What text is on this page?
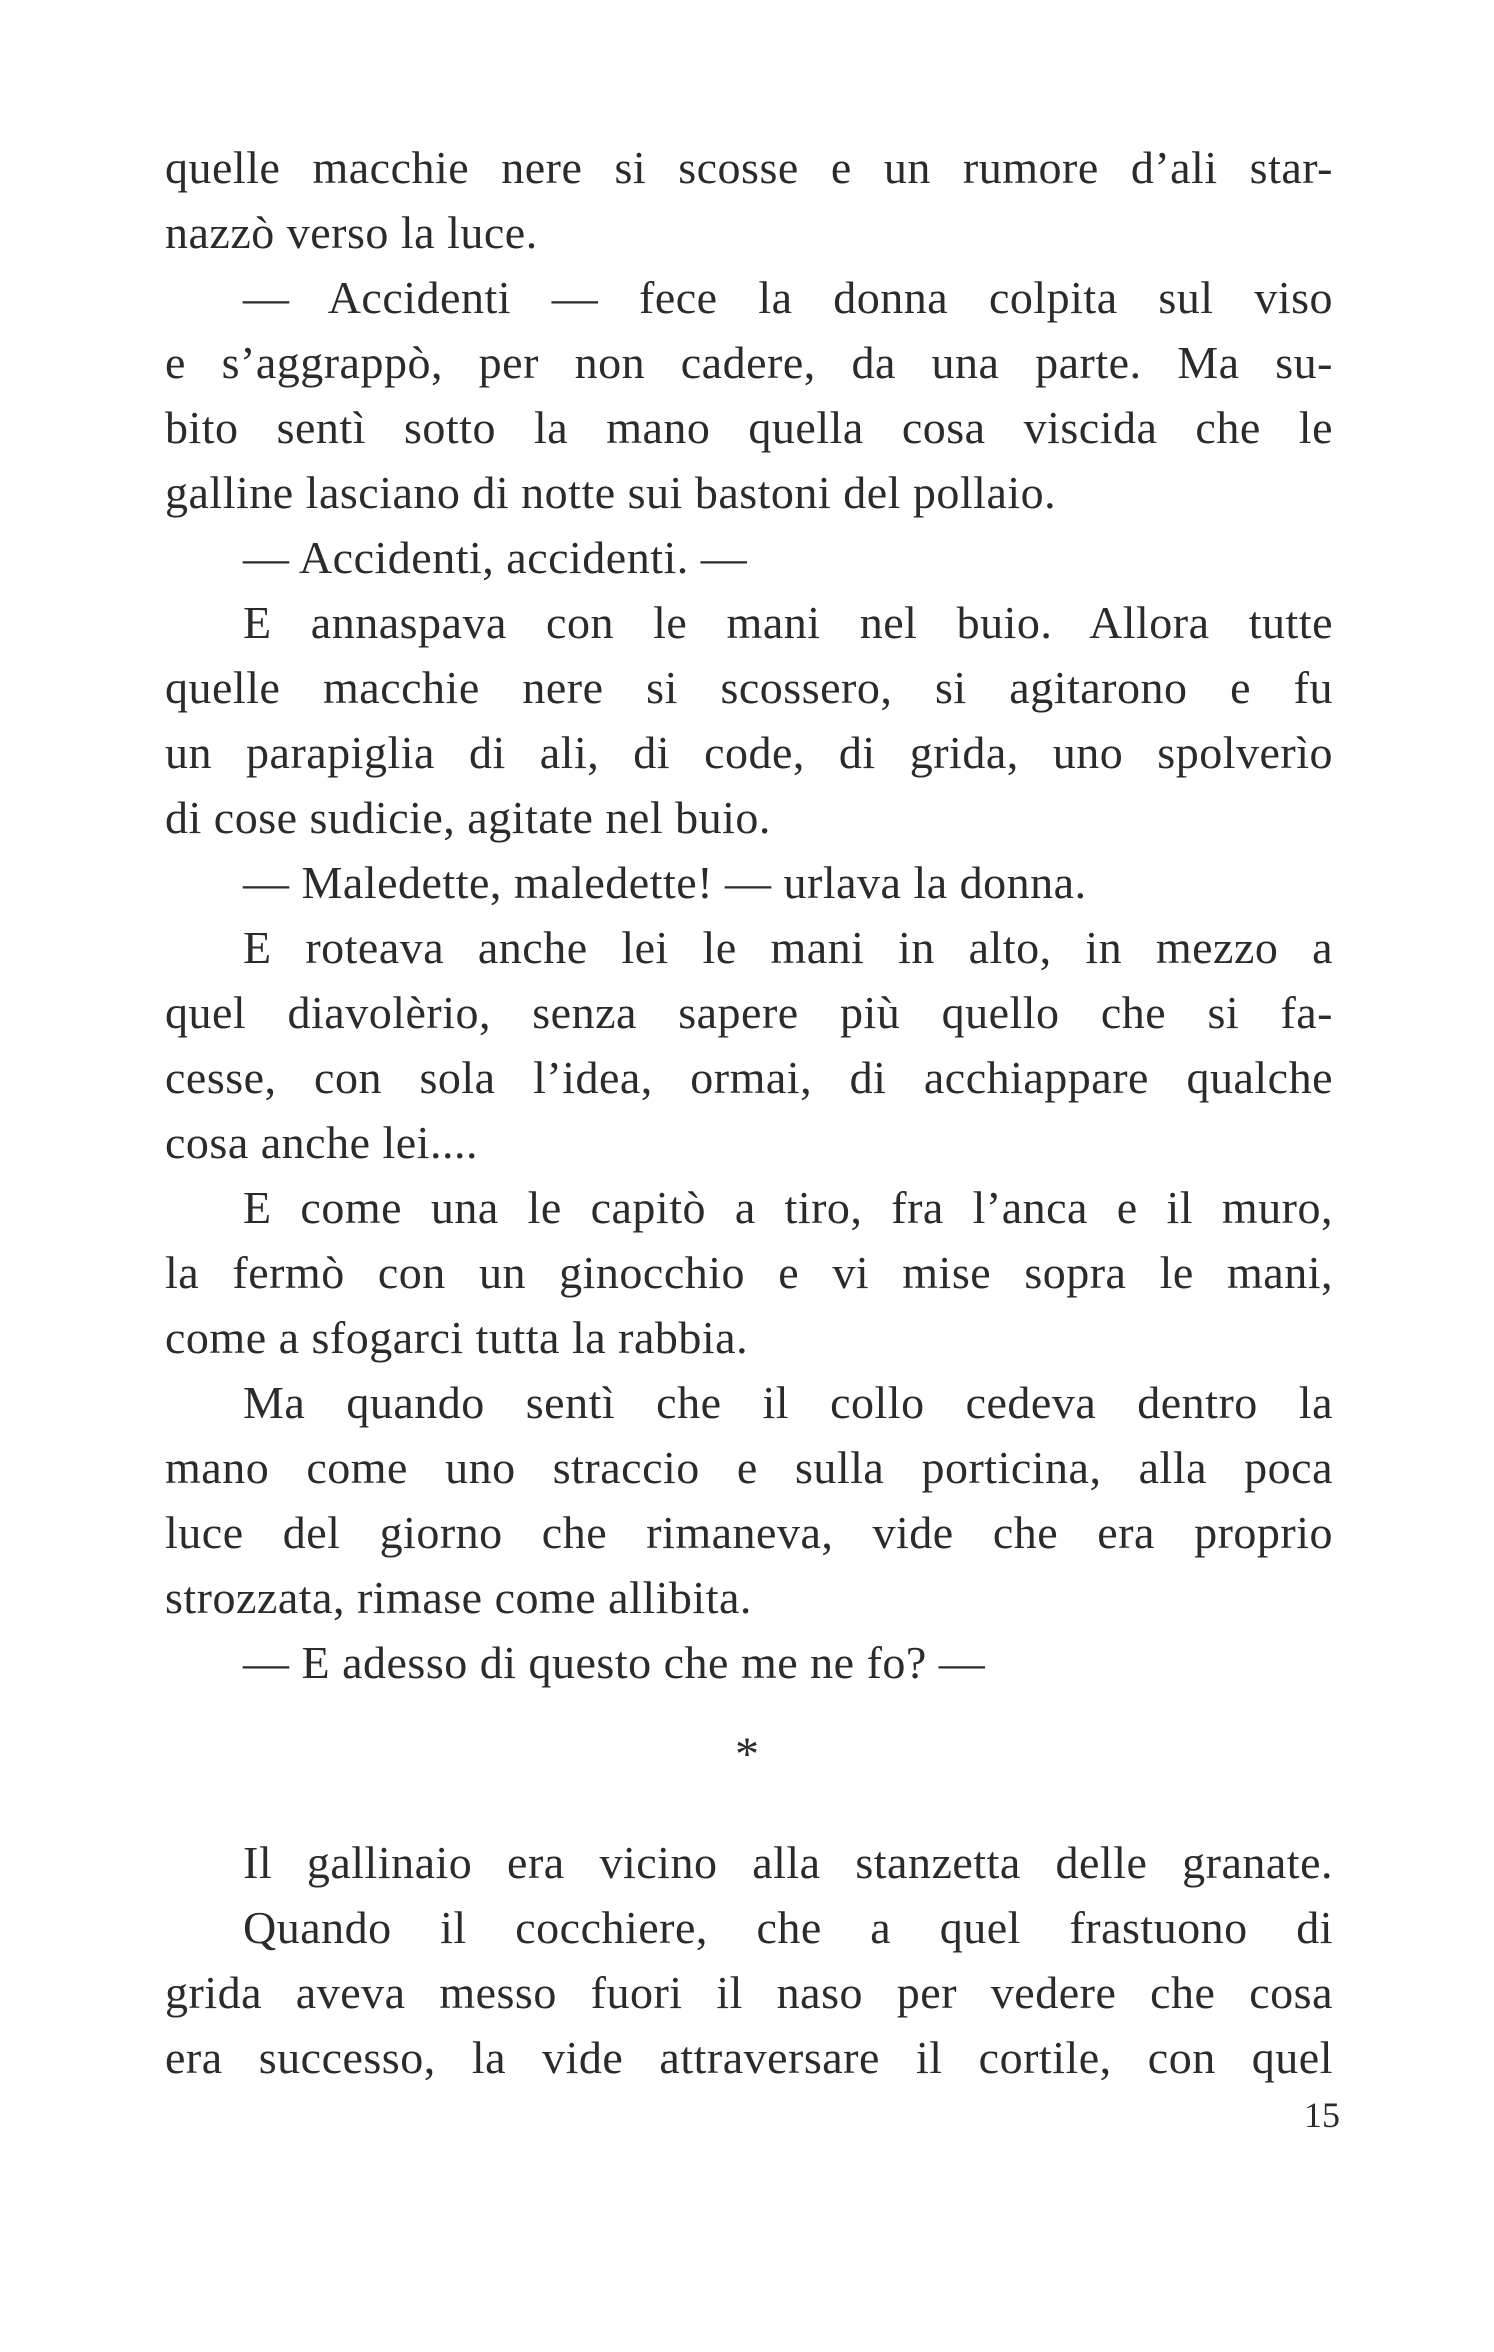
quelle macchie nere si scosse e un rumore d’ali star-
nazzò verso la luce.
— Accidenti — fece la donna colpita sul viso
e s’aggrappò, per non cadere, da una parte. Ma su-
bito sentì sotto la mano quella cosa viscida che le
galline lasciano di notte sui bastoni del pollaio.
— Accidenti, accidenti. —
E annaspava con le mani nel buio. Allora tutte
quelle macchie nere si scossero, si agitarono e fu
un parapiglia di ali, di code, di grida, uno spolverìo
di cose sudicie, agitate nel buio.
— Maledette, maledette! — urlava la donna.
E roteava anche lei le mani in alto, in mezzo a
quel diavolèrio, senza sapere più quello che si fa-
cesse, con sola l’idea, ormai, di acchiappare qualche
cosa anche lei....
E come una le capitò a tiro, fra l’anca e il muro,
la fermò con un ginocchio e vi mise sopra le mani,
come a sfogarci tutta la rabbia.
Ma quando sentì che il collo cedeva dentro la
mano come uno straccio e sulla porticina, alla poca
luce del giorno che rimaneva, vide che era proprio
strozzata, rimase come allibita.
— E adesso di questo che me ne fo? —
*
Il gallinaio era vicino alla stanzetta delle granate.
Quando il cocchiere, che a quel frastuono di
grida aveva messo fuori il naso per vedere che cosa
era successo, la vide attraversare il cortile, con quel
15
